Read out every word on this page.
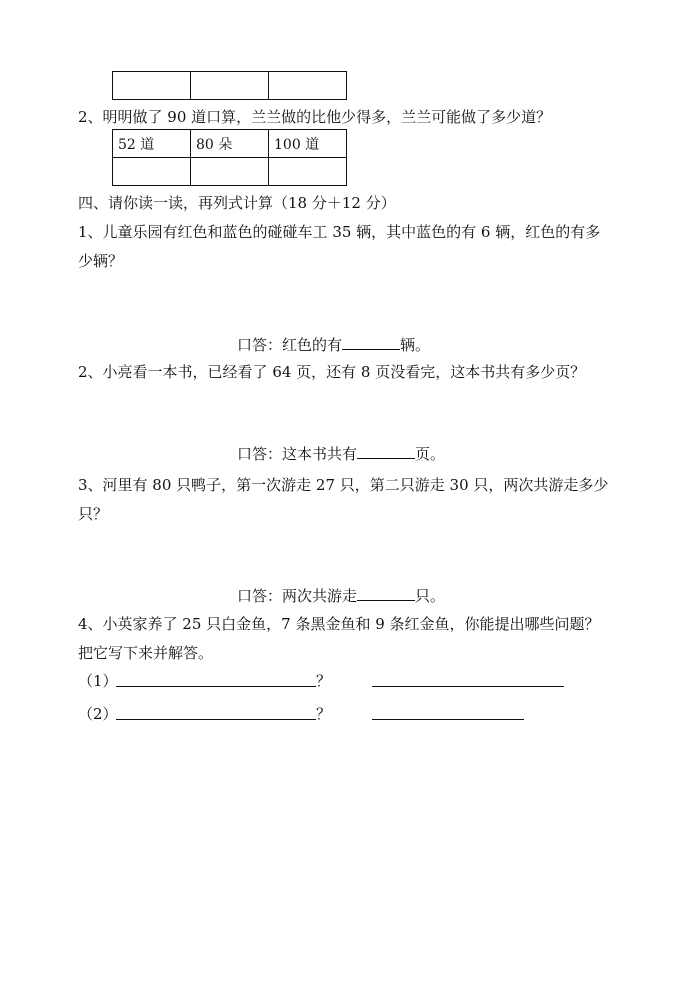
2、明明做了 90 道口算，兰兰做的比他少得多，兰兰可能做了多少道？
52 道	80 朵	100 道

四、请你读一读，再列式计算（18 分＋12 分）
1、儿童乐园有红色和蓝色的碰碰车工 35 辆，其中蓝色的有 6 辆，红色的有多
少辆？
口答：红色的有	辆。
2、小亮看一本书，已经看了 64 页，还有 8 页没看完，这本书共有多少页？
口答：这本书共有	页。
3、河里有 80 只鸭子，第一次游走 27 只，第二只游走 30 只，两次共游走多少
只？
口答：两次共游走	只。
4、小英家养了 25 只白金鱼，7 条黑金鱼和 9 条红金鱼，你能提出哪些问题？
把它写下来并解答。
（1）	？
（2）	？
